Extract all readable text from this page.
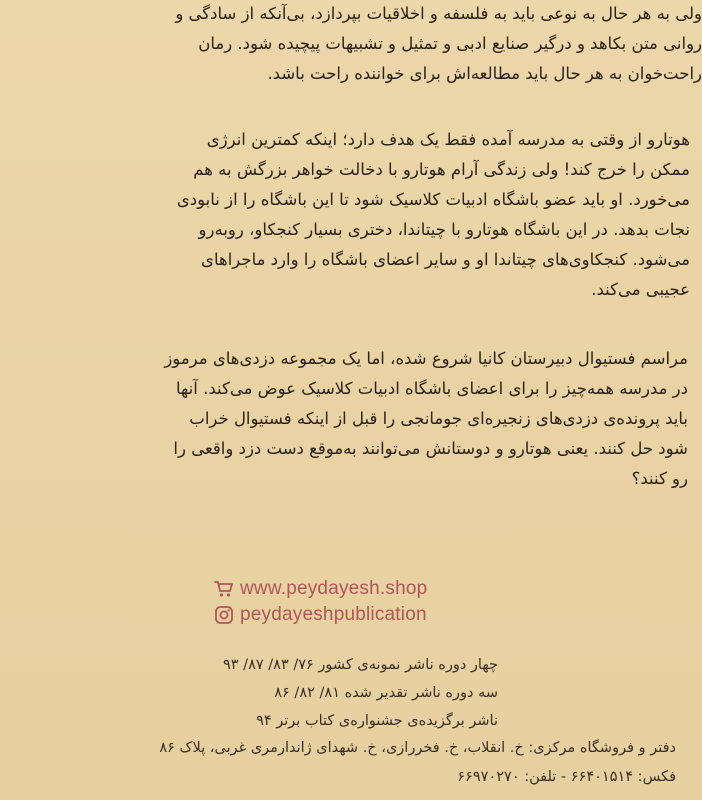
ولی به هر حال به نوعی باید به فلسفه و اخلاقیات بپردازد، بی‌آنکه از سادگی و
روانی متن بکاهد و درگیر صنایع ادبی و تمثیل و تشبیهات پیچیده شود. رمان
راحت‌خوان به هر حال باید مطالعه‌اش برای خواننده راحت باشد.

هوتارو از وقتی به مدرسه آمده فقط یک هدف دارد؛ اینکه کمترین انرژی
ممکن را خرج کند! ولی زندگی آرام هوتارو با دخالت خواهر بزرگش به هم
می‌خورد. او باید عضو باشگاه ادبیات کلاسیک شود تا این باشگاه را از نابودی
نجات بدهد. در این باشگاه هوتارو با چیتاندا، دختری بسیار کنجکاو، روبه‌رو
می‌شود. کنجکاوی‌های چیتاندا او و سایر اعضای باشگاه را وارد ماجراهای
عجیبی می‌کند.

مراسم فستیوال دبیرستان کانیا شروع شده، اما یک مجموعه دزدی‌های مرموز
در مدرسه همه‌چیز را برای اعضای باشگاه ادبیات کلاسیک عوض می‌کند. آنها
باید پرونده‌ی دزدی‌های زنجیره‌ای جومانجی را قبل از اینکه فستیوال خراب
شود حل کنند. یعنی هوتارو و دوستانش می‌توانند به‌موقع دست دزد واقعی را
رو کنند؟

www.peydayesh.shop
peydayeshpublication
چهار دوره ناشر نمونه‌ی کشور ۷۶/ ۸۳/ ۸۷/ ۹۳
سه دوره ناشر تقدیر شده ۸۱/ ۸۲/ ۸۶
ناشر برگزیده‌ی جشنواره‌ی کتاب برتر ۹۴
دفتر و فروشگاه مرکزی: خ. انقلاب، خ. فخررازی، خ. شهدای ژاندارمری غربی، پلاک ۸۶
فکس: ۶۶۴۰۱۵۱۴ - تلفن: ۶۶۹۷۰۲۷۰
